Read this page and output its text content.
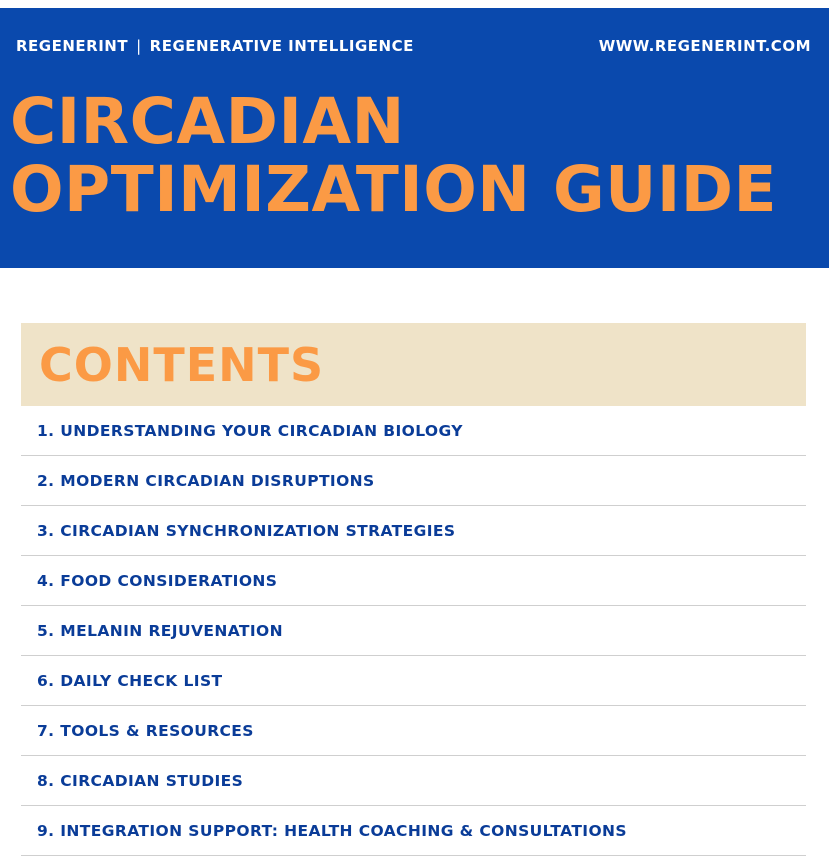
REGENERINT | REGENERATIVE INTELLIGENCE	WWW.REGENERINT.COM
CIRCADIAN
OPTIMIZATION GUIDE
CONTENTS
1. UNDERSTANDING YOUR CIRCADIAN BIOLOGY
2. MODERN CIRCADIAN DISRUPTIONS
3. CIRCADIAN SYNCHRONIZATION STRATEGIES
4. FOOD CONSIDERATIONS
5. MELANIN REJUVENATION
6. DAILY CHECK LIST
7. TOOLS & RESOURCES
8. CIRCADIAN STUDIES
9. INTEGRATION SUPPORT: HEALTH COACHING & CONSULTATIONS
